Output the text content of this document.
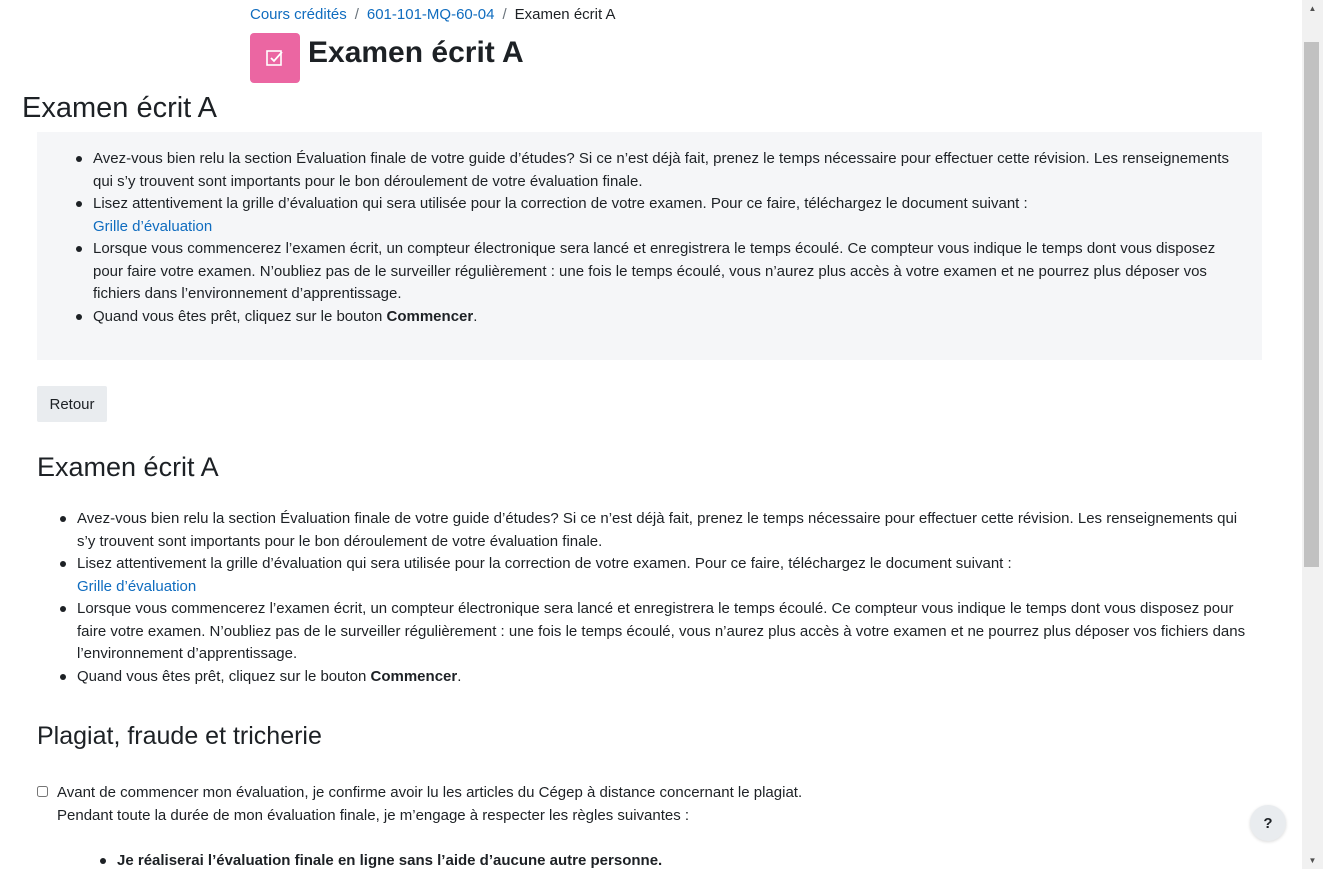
Cours crédités / 601-101-MQ-60-04 / Examen écrit A
Examen écrit A
Examen écrit A
Avez-vous bien relu la section Évaluation finale de votre guide d’études? Si ce n’est déjà fait, prenez le temps nécessaire pour effectuer cette révision. Les renseignements qui s’y trouvent sont importants pour le bon déroulement de votre évaluation finale.
Lisez attentivement la grille d’évaluation qui sera utilisée pour la correction de votre examen. Pour ce faire, téléchargez le document suivant :
Grille d’évaluation
Lorsque vous commencerez l’examen écrit, un compteur électronique sera lancé et enregistrera le temps écoulé. Ce compteur vous indique le temps dont vous disposez pour faire votre examen. N’oubliez pas de le surveiller régulièrement : une fois le temps écoulé, vous n’aurez plus accès à votre examen et ne pourrez plus déposer vos fichiers dans l’environnement d’apprentissage.
Quand vous êtes prêt, cliquez sur le bouton Commencer.
Retour
Examen écrit A
Avez-vous bien relu la section Évaluation finale de votre guide d’études? Si ce n’est déjà fait, prenez le temps nécessaire pour effectuer cette révision. Les renseignements qui s’y trouvent sont importants pour le bon déroulement de votre évaluation finale.
Lisez attentivement la grille d’évaluation qui sera utilisée pour la correction de votre examen. Pour ce faire, téléchargez le document suivant :
Grille d’évaluation
Lorsque vous commencerez l’examen écrit, un compteur électronique sera lancé et enregistrera le temps écoulé. Ce compteur vous indique le temps dont vous disposez pour faire votre examen. N’oubliez pas de le surveiller régulièrement : une fois le temps écoulé, vous n’aurez plus accès à votre examen et ne pourrez plus déposer vos fichiers dans l’environnement d’apprentissage.
Quand vous êtes prêt, cliquez sur le bouton Commencer.
Plagiat, fraude et tricherie
Avant de commencer mon évaluation, je confirme avoir lu les articles du Cégep à distance concernant le plagiat.
Pendant toute la durée de mon évaluation finale, je m’engage à respecter les règles suivantes :
Je réaliserai l’évaluation finale en ligne sans l’aide d’aucune autre personne.
?
▲
▼
